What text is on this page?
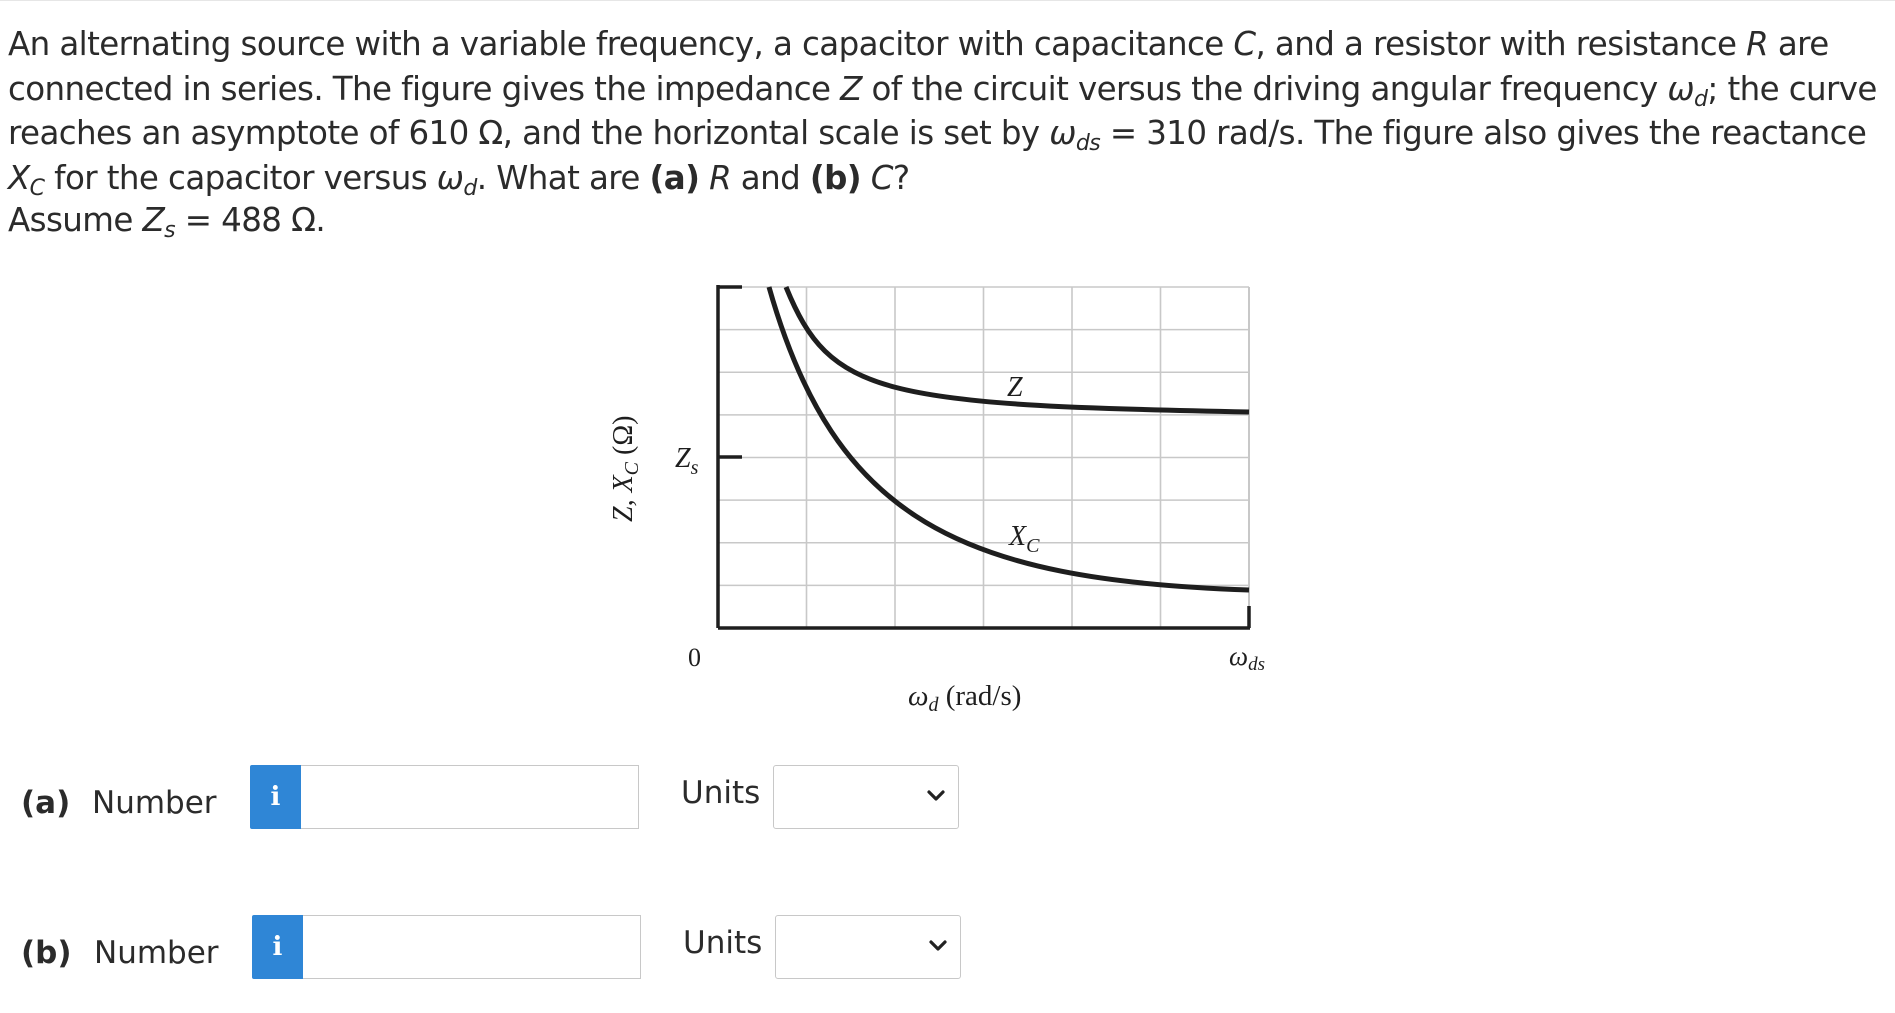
An alternating source with a variable frequency, a capacitor with capacitance C, and a resistor with resistance R are connected in series. The figure gives the impedance Z of the circuit versus the driving angular frequency $\omega_d$; the curve reaches an asymptote of 610 Ω, and the horizontal scale is set by $\omega_{ds} = 310$ rad/s. The figure also gives the reactance $X_C$ for the capacitor versus $\omega_d$. What are (a) R and (b) C?
Assume $Z_s = 488$ Ω.
Z, $X_C$ (Ω) $Z_s$
0
$\omega_d$ (rad/s)
ωds
Z
$X_C$
(a) Number i	Units
(b) Number i	Units
